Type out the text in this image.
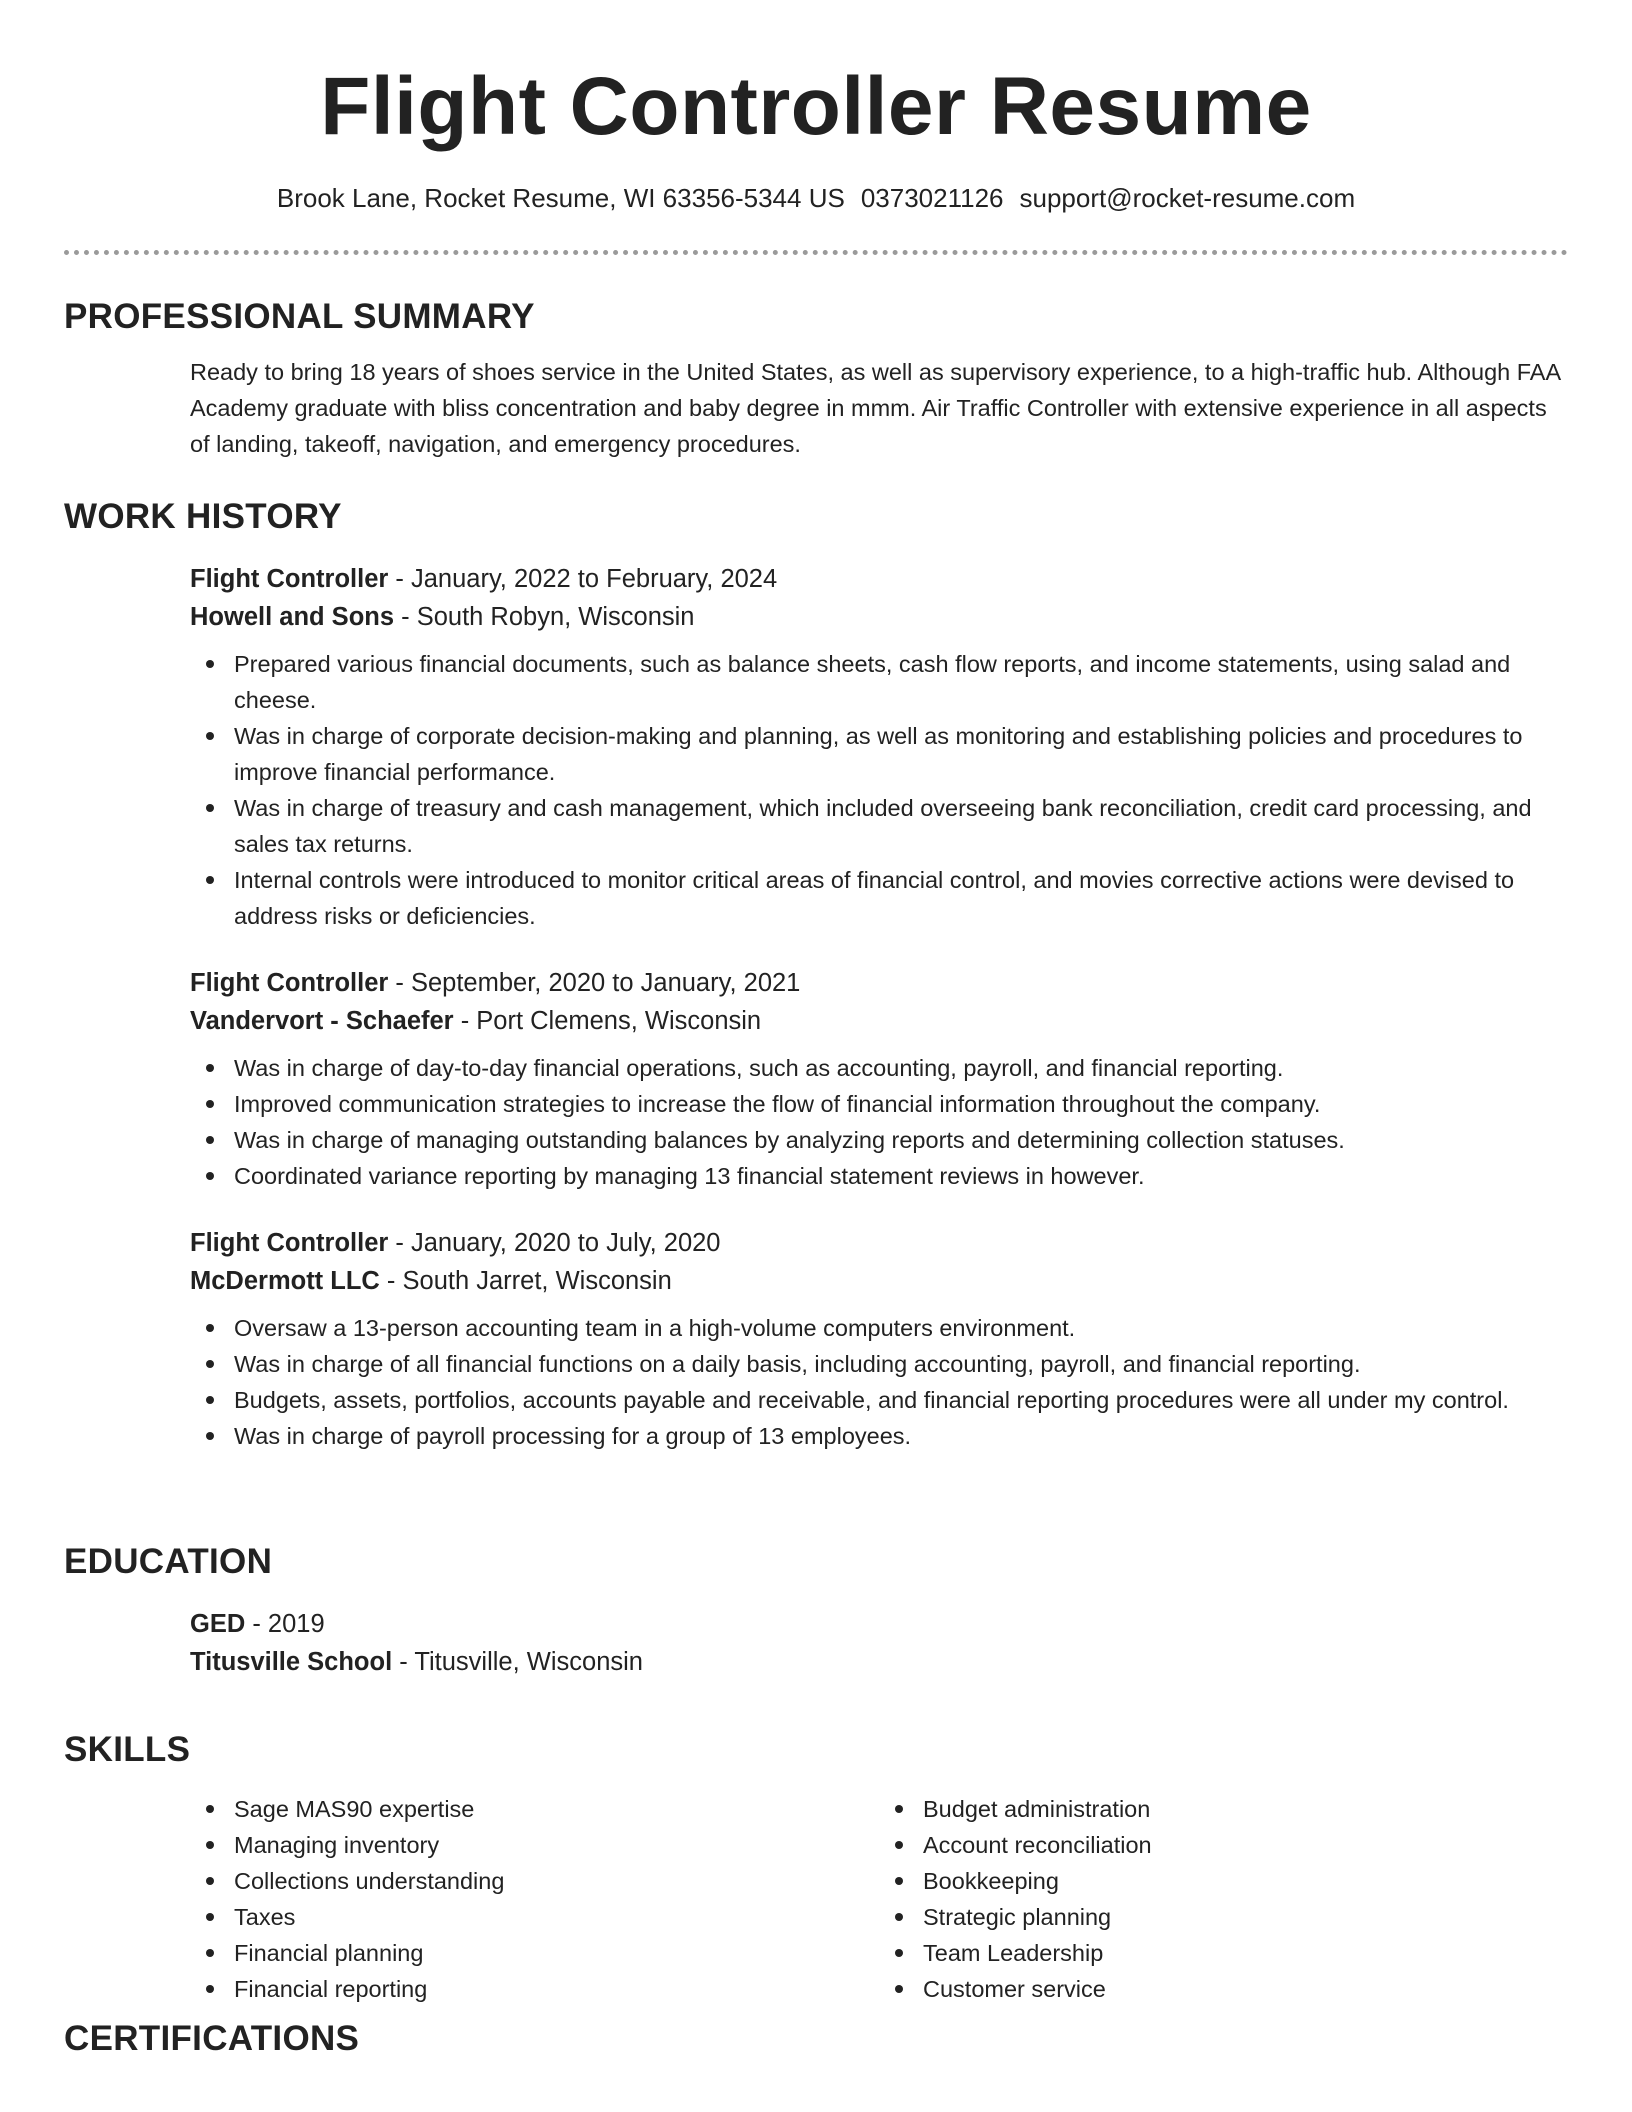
Flight Controller Resume
Brook Lane, Rocket Resume, WI 63356-5344 US 0373021126 support@rocket-resume.com
PROFESSIONAL SUMMARY

Ready to bring 18 years of shoes service in the United States, as well as supervisory experience, to a high-traffic hub. Although FAA Academy graduate with bliss concentration and baby degree in mmm. Air Traffic Controller with extensive experience in all aspects of landing, takeoff, navigation, and emergency procedures.

WORK HISTORY

Flight Controller - January, 2022 to February, 2024

Howell and Sons - South Robyn, Wisconsin

Prepared various financial documents, such as balance sheets, cash flow reports, and income statements, using salad and cheese.
Was in charge of corporate decision-making and planning, as well as monitoring and establishing policies and procedures to improve financial performance.
Was in charge of treasury and cash management, which included overseeing bank reconciliation, credit card processing, and sales tax returns.
Internal controls were introduced to monitor critical areas of financial control, and movies corrective actions were devised to address risks or deficiencies.

Flight Controller - September, 2020 to January, 2021

Vandervort - Schaefer - Port Clemens, Wisconsin

Was in charge of day-to-day financial operations, such as accounting, payroll, and financial reporting.
Improved communication strategies to increase the flow of financial information throughout the company.
Was in charge of managing outstanding balances by analyzing reports and determining collection statuses.
Coordinated variance reporting by managing 13 financial statement reviews in however.

Flight Controller - January, 2020 to July, 2020

McDermott LLC - South Jarret, Wisconsin

Oversaw a 13-person accounting team in a high-volume computers environment.
Was in charge of all financial functions on a daily basis, including accounting, payroll, and financial reporting.
Budgets, assets, portfolios, accounts payable and receivable, and financial reporting procedures were all under my control.
Was in charge of payroll processing for a group of 13 employees.
EDUCATION

GED - 2019

Titusville School - Titusville, Wisconsin

SKILLS
Sage MAS90 expertise
Managing inventory
Collections understanding
Taxes
Financial planning
Financial reporting
Budget administration
Account reconciliation
Bookkeeping
Strategic planning
Team Leadership
Customer service
CERTIFICATIONS
